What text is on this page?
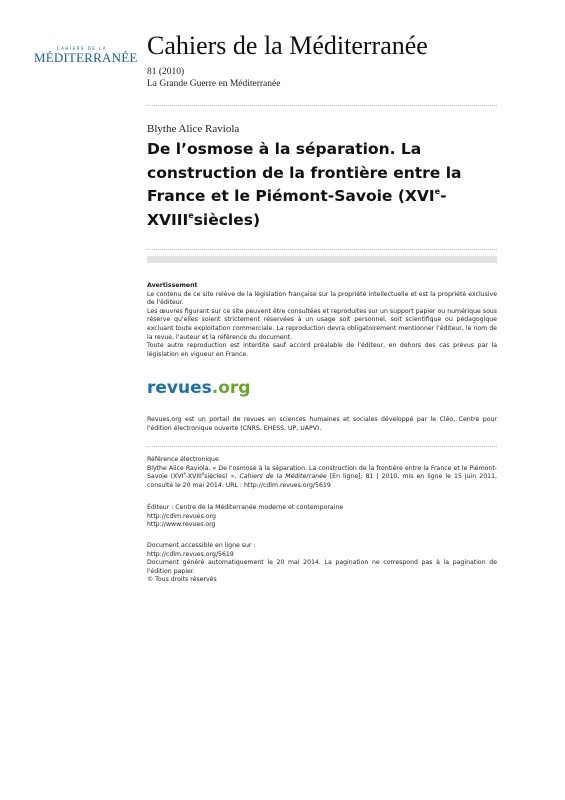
CAHIERS DE LA
MÉDITERRANÉE Cahiers de la Méditerranée
81 (2010)
La Grande Guerre en Méditerranée
Blythe Alice Raviola
De l’osmose à la séparation. La construction de la frontière entre la France et le Piémont-Savoie (XVIe-XVIIIesiècles)
Avertissement

Le contenu de ce site relève de la législation française sur la propriété intellectuelle et est la propriété exclusive de l'éditeur.

Les œuvres figurant sur ce site peuvent être consultées et reproduites sur un support papier ou numérique sous réserve qu'elles soient strictement réservées à un usage soit personnel, soit scientifique ou pédagogique excluant toute exploitation commerciale. La reproduction devra obligatoirement mentionner l'éditeur, le nom de la revue, l'auteur et la référence du document.

Toute autre reproduction est interdite sauf accord préalable de l'éditeur, en dehors des cas prévus par la législation en vigueur en France.

revues.org

Revues.org est un portail de revues en sciences humaines et sociales développé par le Cléo, Centre pour l'édition électronique ouverte (CNRS, EHESS, UP, UAPV).

Référence électronique

Blythe Alice Raviola, « De l’osmose à la séparation. La construction de la frontière entre la France et le Piémont-Savoie (XVIe-XVIIIesiècles) », Cahiers de la Méditerranée [En ligne], 81 | 2010, mis en ligne le 15 juin 2011, consulté le 20 mai 2014. URL : http://cdlm.revues.org/5619

Éditeur : Centre de la Méditerranée moderne et contemporaine
http://cdlm.revues.org
http://www.revues.org
Document accessible en ligne sur :
http://cdlm.revues.org/5619

Document généré automatiquement le 20 mai 2014. La pagination ne correspond pas à la pagination de l'édition papier.

© Tous droits réservés
